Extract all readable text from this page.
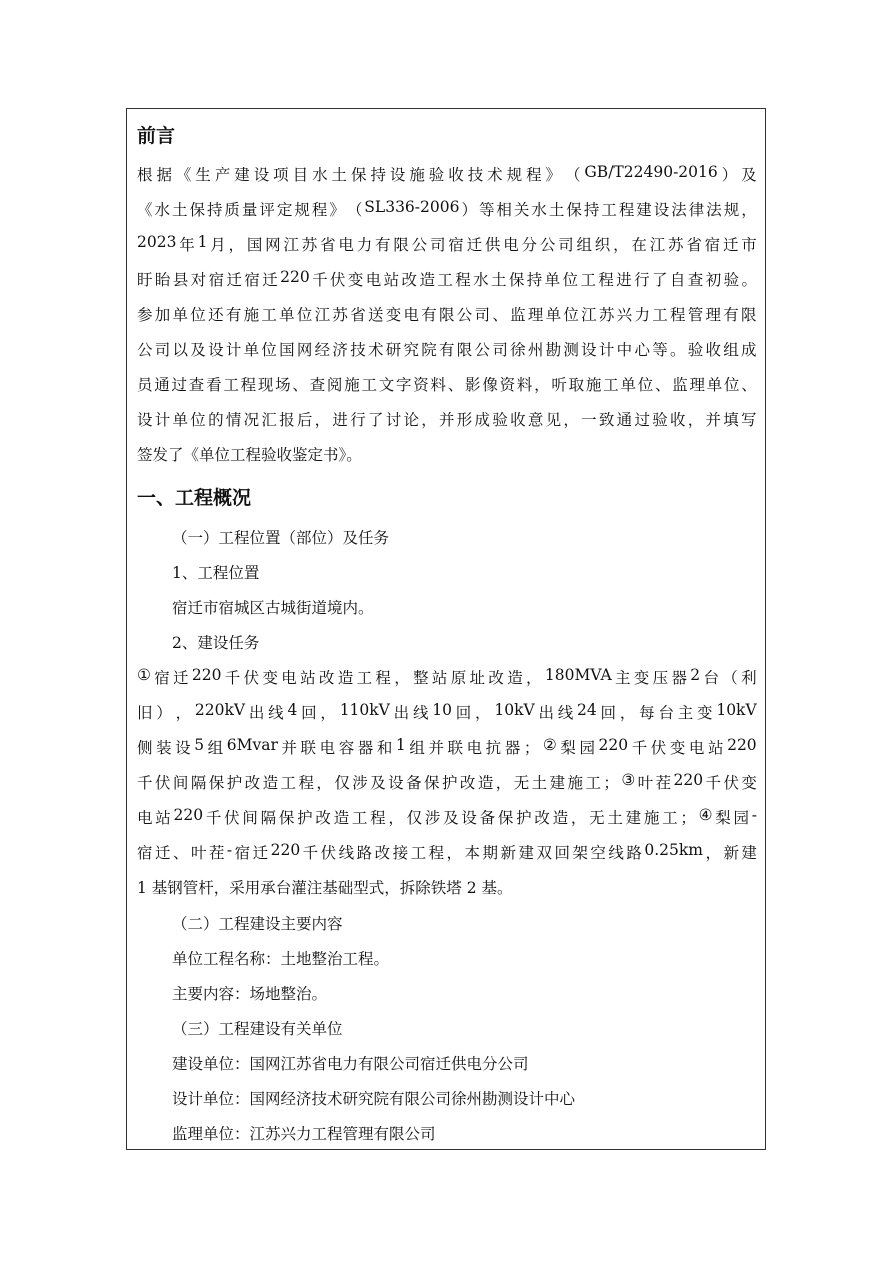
前言
根 据 《 生 产 建 设 项 目 水 土 保 持 设 施 验 收 技 术 规 程 》 （ GB/T22490-2016 ） 及
《 水 土 保 持 质 量 评 定 规 程 》 （ SL336-2006 ） 等 相 关 水 土 保 持 工 程 建 设 法 律 法 规 ，
2023 年 1 月 ， 国 网 江 苏 省 电 力 有 限 公 司 宿 迁 供 电 分 公 司 组 织 ， 在 江 苏 省 宿 迁 市
盱 眙 县 对 宿 迁 宿 迁 220 千 伏 变 电 站 改 造 工 程 水 土 保 持 单 位 工 程 进 行 了 自 查 初 验 。
参 加 单 位 还 有 施 工 单 位 江 苏 省 送 变 电 有 限 公 司 、 监 理 单 位 江 苏 兴 力 工 程 管 理 有 限
公 司 以 及 设 计 单 位 国 网 经 济 技 术 研 究 院 有 限 公 司 徐 州 勘 测 设 计 中 心 等 。 验 收 组 成
员 通 过 查 看 工 程 现 场 、 查 阅 施 工 文 字 资 料 、 影 像 资 料 ， 听 取 施 工 单 位 、 监 理 单 位 、
设 计 单 位 的 情 况 汇 报 后 ， 进 行 了 讨 论 ， 并 形 成 验 收 意 见 ， 一 致 通 过 验 收 ， 并 填 写
签发了《单位工程验收鉴定书》。
一、工程概况
（一）工程位置（部位）及任务
1、工程位置
宿迁市宿城区古城街道境内。
2、建设任务
① 宿 迁 220 千 伏 变 电 站 改 造 工 程 ， 整 站 原 址 改 造 ， 180MVA 主 变 压 器 2 台 （ 利
旧 ） ， 220kV 出 线 4 回 ， 110kV 出 线 10 回 ， 10kV 出 线 24 回 ， 每 台 主 变 10kV
侧 装 设 5 组 6Mvar 并 联 电 容 器 和 1 组 并 联 电 抗 器 ； ② 梨 园 220 千 伏 变 电 站 220
千 伏 间 隔 保 护 改 造 工 程 ， 仅 涉 及 设 备 保 护 改 造 ， 无 土 建 施 工 ； ③ 叶 茬 220 千 伏 变
电 站 220 千 伏 间 隔 保 护 改 造 工 程 ， 仅 涉 及 设 备 保 护 改 造 ， 无 土 建 施 工 ； ④ 梨 园 -
宿 迁 、 叶 茬 - 宿 迁 220 千 伏 线 路 改 接 工 程 ， 本 期 新 建 双 回 架 空 线 路 0.25km ， 新 建
1 基钢管杆，采用承台灌注基础型式，拆除铁塔 2 基。
（二）工程建设主要内容
单位工程名称：土地整治工程。
主要内容：场地整治。
（三）工程建设有关单位
建设单位：国网江苏省电力有限公司宿迁供电分公司
设计单位：国网经济技术研究院有限公司徐州勘测设计中心
监理单位：江苏兴力工程管理有限公司
